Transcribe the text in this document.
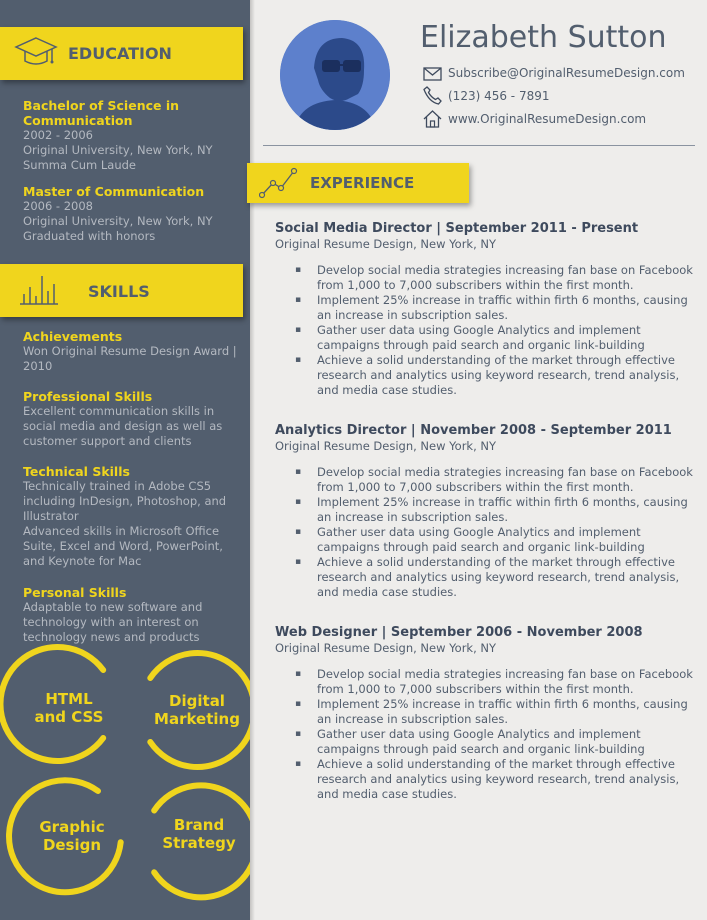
EDUCATION
Bachelor of Science in Communication
2002 - 2006
Original University, New York, NY
Summa Cum Laude
Master of Communication
2006 - 2008
Original University, New York, NY
Graduated with honors
SKILLS
Achievements
Won Original Resume Design Award | 2010
Professional Skills
Excellent communication skills in social media and design as well as customer support and clients
Technical Skills
Technically trained in Adobe CS5 including InDesign, Photoshop, and Illustrator
Advanced skills in Microsoft Office Suite, Excel and Word, PowerPoint, and Keynote for Mac
Personal Skills
Adaptable to new software and technology with an interest on technology news and products
HTML
and CSS
Digital
Marketing
Graphic
Design
Brand
Strategy
Elizabeth Sutton
Subscribe@OriginalResumeDesign.com
(123) 456 - 7891
www.OriginalResumeDesign.com
EXPERIENCE
Social Media Director | September 2011 - Present
Original Resume Design, New York, NY
▪ Develop social media strategies increasing fan base on Facebook from 1,000 to 7,000 subscribers within the first month.
▪ Implement 25% increase in traffic within firth 6 months, causing an increase in subscription sales.
▪ Gather user data using Google Analytics and implement campaigns through paid search and organic link-building
▪ Achieve a solid understanding of the market through effective research and analytics using keyword research, trend analysis, and media case studies.
Analytics Director | November 2008 - September 2011
Original Resume Design, New York, NY
▪ Develop social media strategies increasing fan base on Facebook from 1,000 to 7,000 subscribers within the first month.
▪ Implement 25% increase in traffic within firth 6 months, causing an increase in subscription sales.
▪ Gather user data using Google Analytics and implement campaigns through paid search and organic link-building
▪ Achieve a solid understanding of the market through effective research and analytics using keyword research, trend analysis, and media case studies.
Web Designer | September 2006 - November 2008
Original Resume Design, New York, NY
▪ Develop social media strategies increasing fan base on Facebook from 1,000 to 7,000 subscribers within the first month.
▪ Implement 25% increase in traffic within firth 6 months, causing an increase in subscription sales.
▪ Gather user data using Google Analytics and implement campaigns through paid search and organic link-building
▪ Achieve a solid understanding of the market through effective research and analytics using keyword research, trend analysis, and media case studies.
